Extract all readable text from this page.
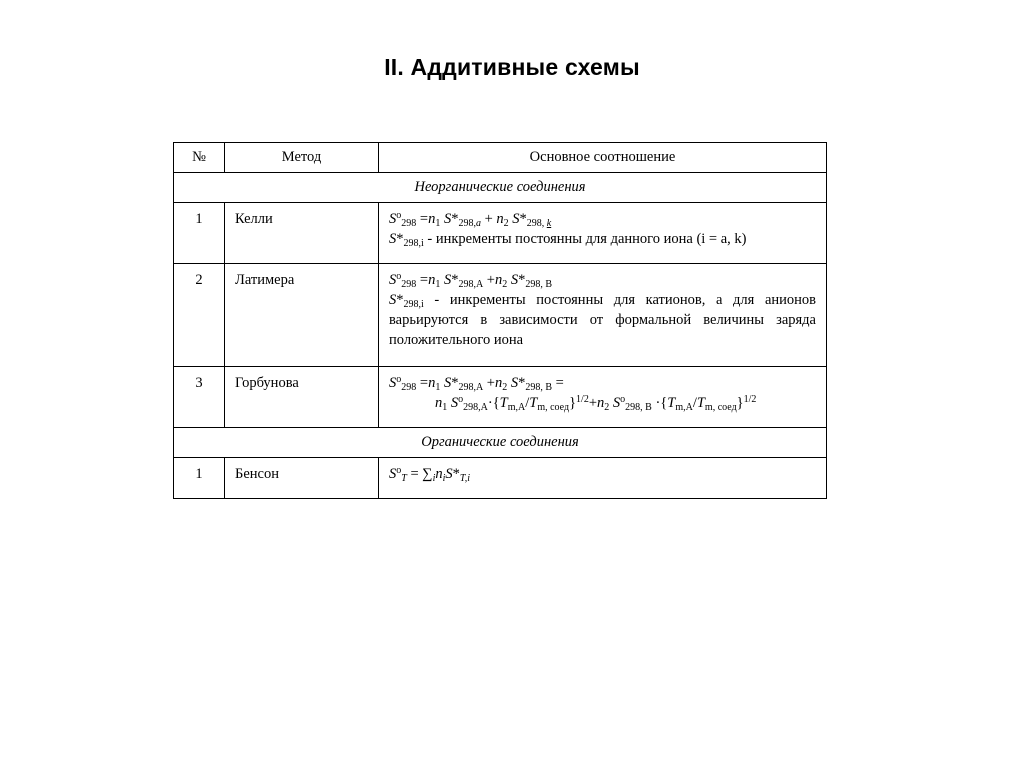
II. Аддитивные схемы
№	Метод	Основное соотношение
Неорганические соединения		
1	Келли	$S^o_{298} =n_1$ $S*_{298,a} + n_2$ $S*_{298, k}$
$S*_{298,i}$ - инкременты постоянны для данного иона (i = a, k)

2	Латимера	$S^o_{298} =n_1$ $S*_{298,A} +n_2$ $S*_{298, B}$
$S*_{298,i}$ - инкременты постоянны для катионов, а для анионов варьируются в зависимости от формальной величины заряда положительного иона

3	Горбунова	$S^o_{298} =n_1$ $S*_{298,A} +n_2$ $S*_{298, B}$ =
$n_1$ $S^o_{298,A}\cdot\{T_{m,A}/T_{m, соед}\}^{1/2}+n_2$ $S^o_{298, B} \cdot\{T_{m,A}/T_{m, соед}\}^{1/2}$

Органические соединения		
1	Бенсон	$S^o_T = \sum_in_iS*_{T,i}$
